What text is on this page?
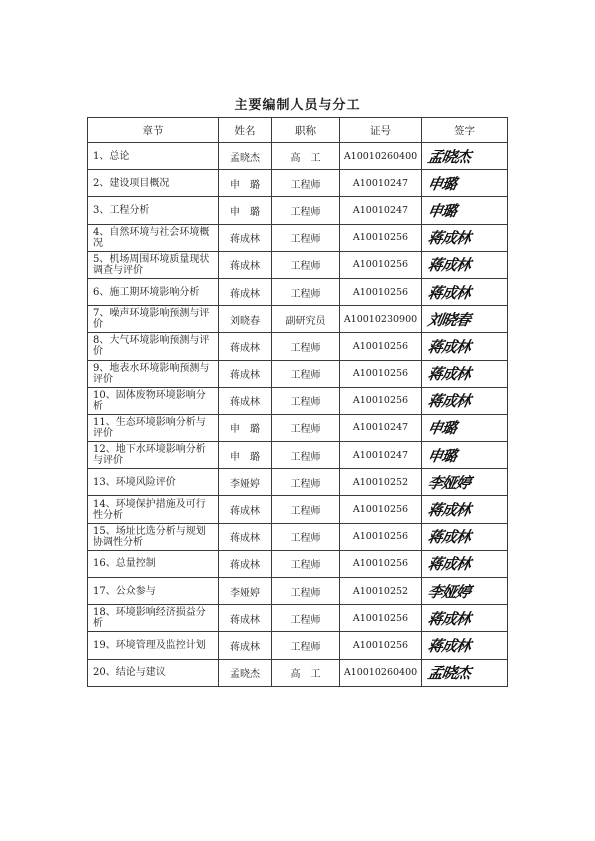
主要编制人员与分工
章节	姓名	职称	证号	签字
1、总论	孟晓杰	高　工	A10010260400	孟晓杰
2、建设项目概况	申　璐	工程师	A10010247	申璐
3、工程分析	申　璐	工程师	A10010247	申璐
4、自然环境与社会环境概况	蒋成林	工程师	A10010256	蒋成林
5、机场周围环境质量现状调查与评价	蒋成林	工程师	A10010256	蒋成林
6、施工期环境影响分析	蒋成林	工程师	A10010256	蒋成林
7、噪声环境影响预测与评价	刘晓春	副研究员	A10010230900	刘晓春
8、大气环境影响预测与评价	蒋成林	工程师	A10010256	蒋成林
9、地表水环境影响预测与评价	蒋成林	工程师	A10010256	蒋成林
10、固体废物环境影响分析	蒋成林	工程师	A10010256	蒋成林
11、生态环境影响分析与评价	申　璐	工程师	A10010247	申璐
12、地下水环境影响分析与评价	申　璐	工程师	A10010247	申璐
13、环境风险评价	李娅婷	工程师	A10010252	李娅婷
14、环境保护措施及可行性分析	蒋成林	工程师	A10010256	蒋成林
15、场址比选分析与规划协调性分析	蒋成林	工程师	A10010256	蒋成林
16、总量控制	蒋成林	工程师	A10010256	蒋成林
17、公众参与	李娅婷	工程师	A10010252	李娅婷
18、环境影响经济损益分析	蒋成林	工程师	A10010256	蒋成林
19、环境管理及监控计划	蒋成林	工程师	A10010256	蒋成林
20、结论与建议	孟晓杰	高　工	A10010260400	孟晓杰
